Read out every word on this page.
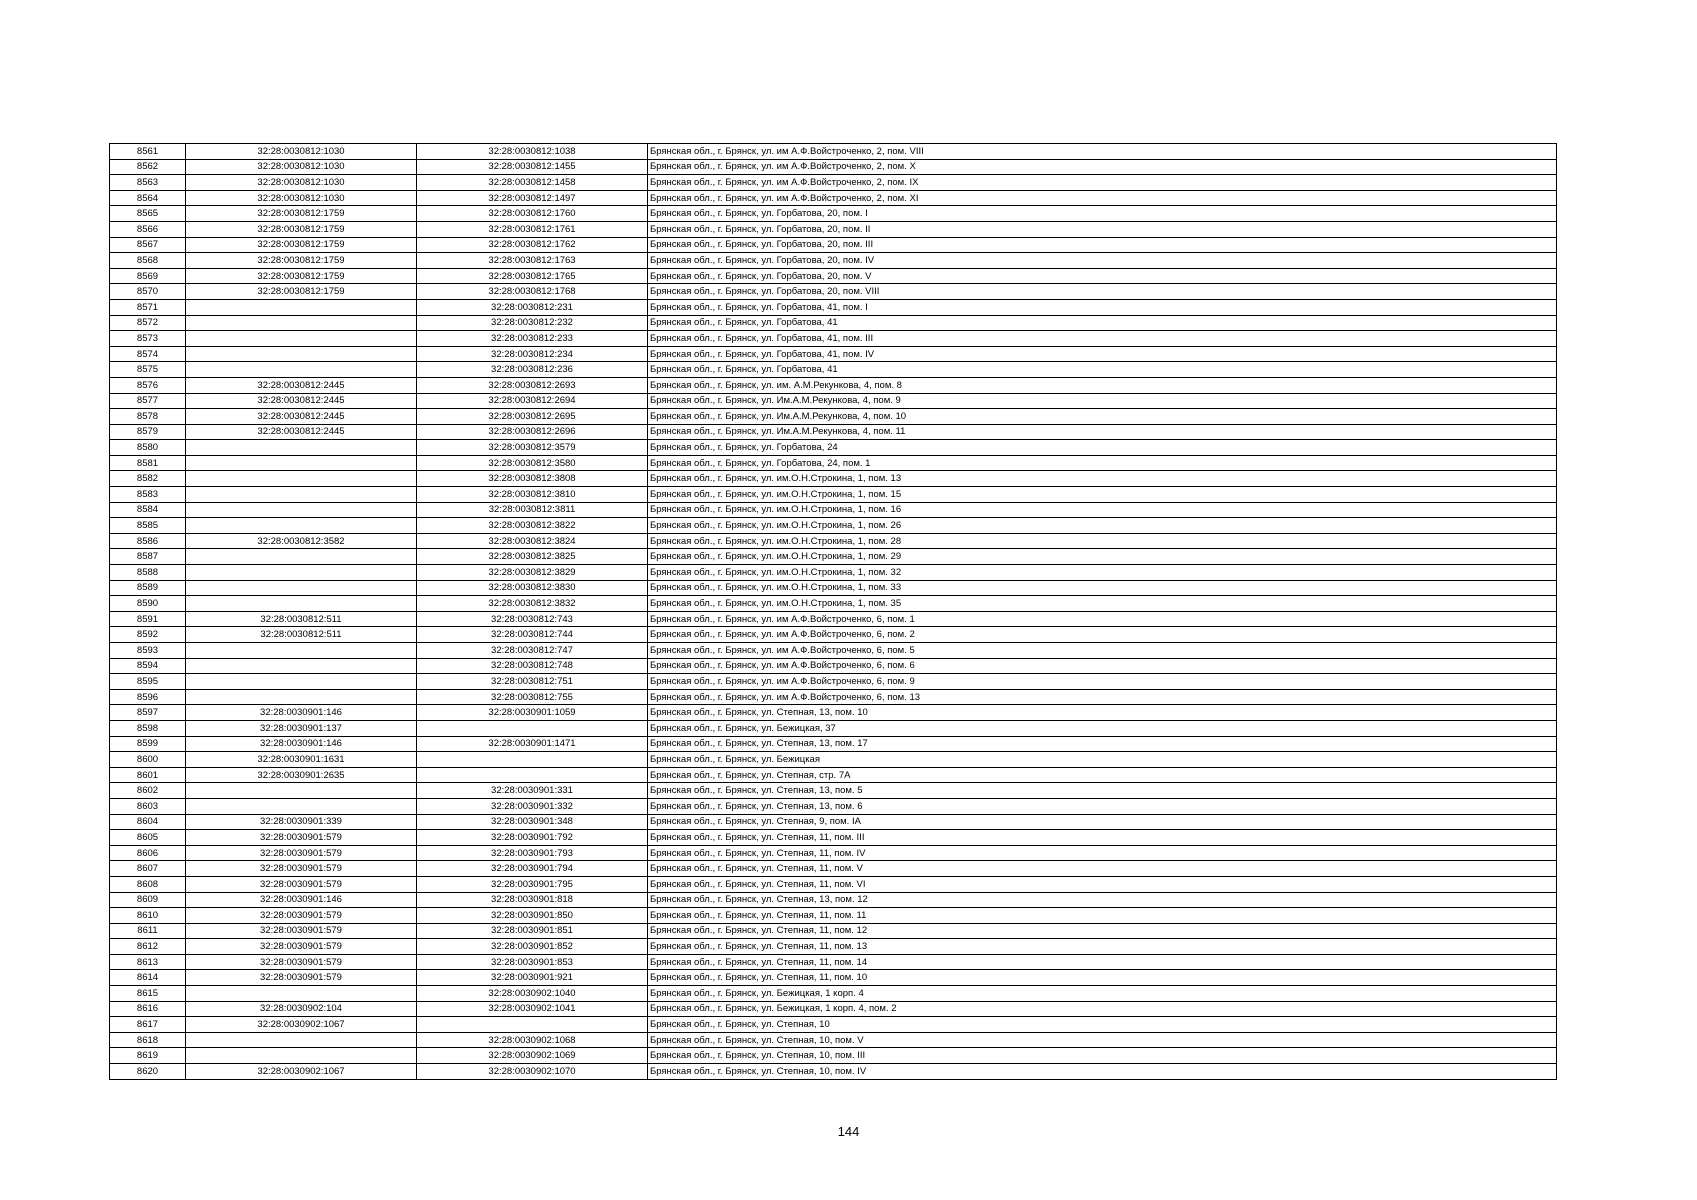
8561	32:28:0030812:1030	32:28:0030812:1038	Брянская обл., г. Брянск, ул. им А.Ф.Войстроченко, 2, пом. VIII
8562	32:28:0030812:1030	32:28:0030812:1455	Брянская обл., г. Брянск, ул. им А.Ф.Войстроченко, 2, пом. X
8563	32:28:0030812:1030	32:28:0030812:1458	Брянская обл., г. Брянск, ул. им А.Ф.Войстроченко, 2, пом. IX
8564	32:28:0030812:1030	32:28:0030812:1497	Брянская обл., г. Брянск, ул. им А.Ф.Войстроченко, 2, пом. XI
8565	32:28:0030812:1759	32:28:0030812:1760	Брянская обл., г. Брянск, ул. Горбатова, 20, пом. I
8566	32:28:0030812:1759	32:28:0030812:1761	Брянская обл., г. Брянск, ул. Горбатова, 20, пом. II
8567	32:28:0030812:1759	32:28:0030812:1762	Брянская обл., г. Брянск, ул. Горбатова, 20, пом. III
8568	32:28:0030812:1759	32:28:0030812:1763	Брянская обл., г. Брянск, ул. Горбатова, 20, пом. IV
8569	32:28:0030812:1759	32:28:0030812:1765	Брянская обл., г. Брянск, ул. Горбатова, 20, пом. V
8570	32:28:0030812:1759	32:28:0030812:1768	Брянская обл., г. Брянск, ул. Горбатова, 20, пом. VIII
8571		32:28:0030812:231	Брянская обл., г. Брянск, ул. Горбатова, 41, пом. I
8572		32:28:0030812:232	Брянская обл., г. Брянск, ул. Горбатова, 41
8573		32:28:0030812:233	Брянская обл., г. Брянск, ул. Горбатова, 41, пом. III
8574		32:28:0030812:234	Брянская обл., г. Брянск, ул. Горбатова, 41, пом. IV
8575		32:28:0030812:236	Брянская обл., г. Брянск, ул. Горбатова, 41
8576	32:28:0030812:2445	32:28:0030812:2693	Брянская обл., г. Брянск, ул. им. А.М.Рекункова, 4, пом. 8
8577	32:28:0030812:2445	32:28:0030812:2694	Брянская обл., г. Брянск, ул. Им.А.М.Рекункова, 4, пом. 9
8578	32:28:0030812:2445	32:28:0030812:2695	Брянская обл., г. Брянск, ул. Им.А.М.Рекункова, 4, пом. 10
8579	32:28:0030812:2445	32:28:0030812:2696	Брянская обл., г. Брянск, ул. Им.А.М.Рекункова, 4, пом. 11
8580		32:28:0030812:3579	Брянская обл., г. Брянск, ул. Горбатова, 24
8581		32:28:0030812:3580	Брянская обл., г. Брянск, ул. Горбатова, 24, пом. 1
8582		32:28:0030812:3808	Брянская обл., г. Брянск, ул. им.О.Н.Строкина, 1, пом. 13
8583		32:28:0030812:3810	Брянская обл., г. Брянск, ул. им.О.Н.Строкина, 1, пом. 15
8584		32:28:0030812:3811	Брянская обл., г. Брянск, ул. им.О.Н.Строкина, 1, пом. 16
8585		32:28:0030812:3822	Брянская обл., г. Брянск, ул. им.О.Н.Строкина, 1, пом. 26
8586	32:28:0030812:3582	32:28:0030812:3824	Брянская обл., г. Брянск, ул. им.О.Н.Строкина, 1, пом. 28
8587		32:28:0030812:3825	Брянская обл., г. Брянск, ул. им.О.Н.Строкина, 1, пом. 29
8588		32:28:0030812:3829	Брянская обл., г. Брянск, ул. им.О.Н.Строкина, 1, пом. 32
8589		32:28:0030812:3830	Брянская обл., г. Брянск, ул. им.О.Н.Строкина, 1, пом. 33
8590		32:28:0030812:3832	Брянская обл., г. Брянск, ул. им.О.Н.Строкина, 1, пом. 35
8591	32:28:0030812:511	32:28:0030812:743	Брянская обл., г. Брянск, ул. им А.Ф.Войстроченко, 6, пом. 1
8592	32:28:0030812:511	32:28:0030812:744	Брянская обл., г. Брянск, ул. им А.Ф.Войстроченко, 6, пом. 2
8593		32:28:0030812:747	Брянская обл., г. Брянск, ул. им А.Ф.Войстроченко, 6, пом. 5
8594		32:28:0030812:748	Брянская обл., г. Брянск, ул. им А.Ф.Войстроченко, 6, пом. 6
8595		32:28:0030812:751	Брянская обл., г. Брянск, ул. им А.Ф.Войстроченко, 6, пом. 9
8596		32:28:0030812:755	Брянская обл., г. Брянск, ул. им А.Ф.Войстроченко, 6, пом. 13
8597	32:28:0030901:146	32:28:0030901:1059	Брянская обл., г. Брянск, ул. Степная, 13, пом. 10
8598	32:28:0030901:137		Брянская обл., г. Брянск, ул. Бежицкая, 37
8599	32:28:0030901:146	32:28:0030901:1471	Брянская обл., г. Брянск, ул. Степная, 13, пом. 17
8600	32:28:0030901:1631		Брянская обл., г. Брянск, ул. Бежицкая
8601	32:28:0030901:2635		Брянская обл., г. Брянск, ул. Степная, стр. 7А
8602		32:28:0030901:331	Брянская обл., г. Брянск, ул. Степная, 13, пом. 5
8603		32:28:0030901:332	Брянская обл., г. Брянск, ул. Степная, 13, пом. 6
8604	32:28:0030901:339	32:28:0030901:348	Брянская обл., г. Брянск, ул. Степная, 9, пом. IA
8605	32:28:0030901:579	32:28:0030901:792	Брянская обл., г. Брянск, ул. Степная, 11, пом. III
8606	32:28:0030901:579	32:28:0030901:793	Брянская обл., г. Брянск, ул. Степная, 11, пом. IV
8607	32:28:0030901:579	32:28:0030901:794	Брянская обл., г. Брянск, ул. Степная, 11, пом. V
8608	32:28:0030901:579	32:28:0030901:795	Брянская обл., г. Брянск, ул. Степная, 11, пом. VI
8609	32:28:0030901:146	32:28:0030901:818	Брянская обл., г. Брянск, ул. Степная, 13, пом. 12
8610	32:28:0030901:579	32:28:0030901:850	Брянская обл., г. Брянск, ул. Степная, 11, пом. 11
8611	32:28:0030901:579	32:28:0030901:851	Брянская обл., г. Брянск, ул. Степная, 11, пом. 12
8612	32:28:0030901:579	32:28:0030901:852	Брянская обл., г. Брянск, ул. Степная, 11, пом. 13
8613	32:28:0030901:579	32:28:0030901:853	Брянская обл., г. Брянск, ул. Степная, 11, пом. 14
8614	32:28:0030901:579	32:28:0030901:921	Брянская обл., г. Брянск, ул. Степная, 11, пом. 10
8615		32:28:0030902:1040	Брянская обл., г. Брянск, ул. Бежицкая, 1 корп. 4
8616	32:28:0030902:104	32:28:0030902:1041	Брянская обл., г. Брянск, ул. Бежицкая, 1 корп. 4, пом. 2
8617	32:28:0030902:1067		Брянская обл., г. Брянск, ул. Степная, 10
8618		32:28:0030902:1068	Брянская обл., г. Брянск, ул. Степная, 10, пом. V
8619		32:28:0030902:1069	Брянская обл., г. Брянск, ул. Степная, 10, пом. III
8620	32:28:0030902:1067	32:28:0030902:1070	Брянская обл., г. Брянск, ул. Степная, 10, пом. IV
144
